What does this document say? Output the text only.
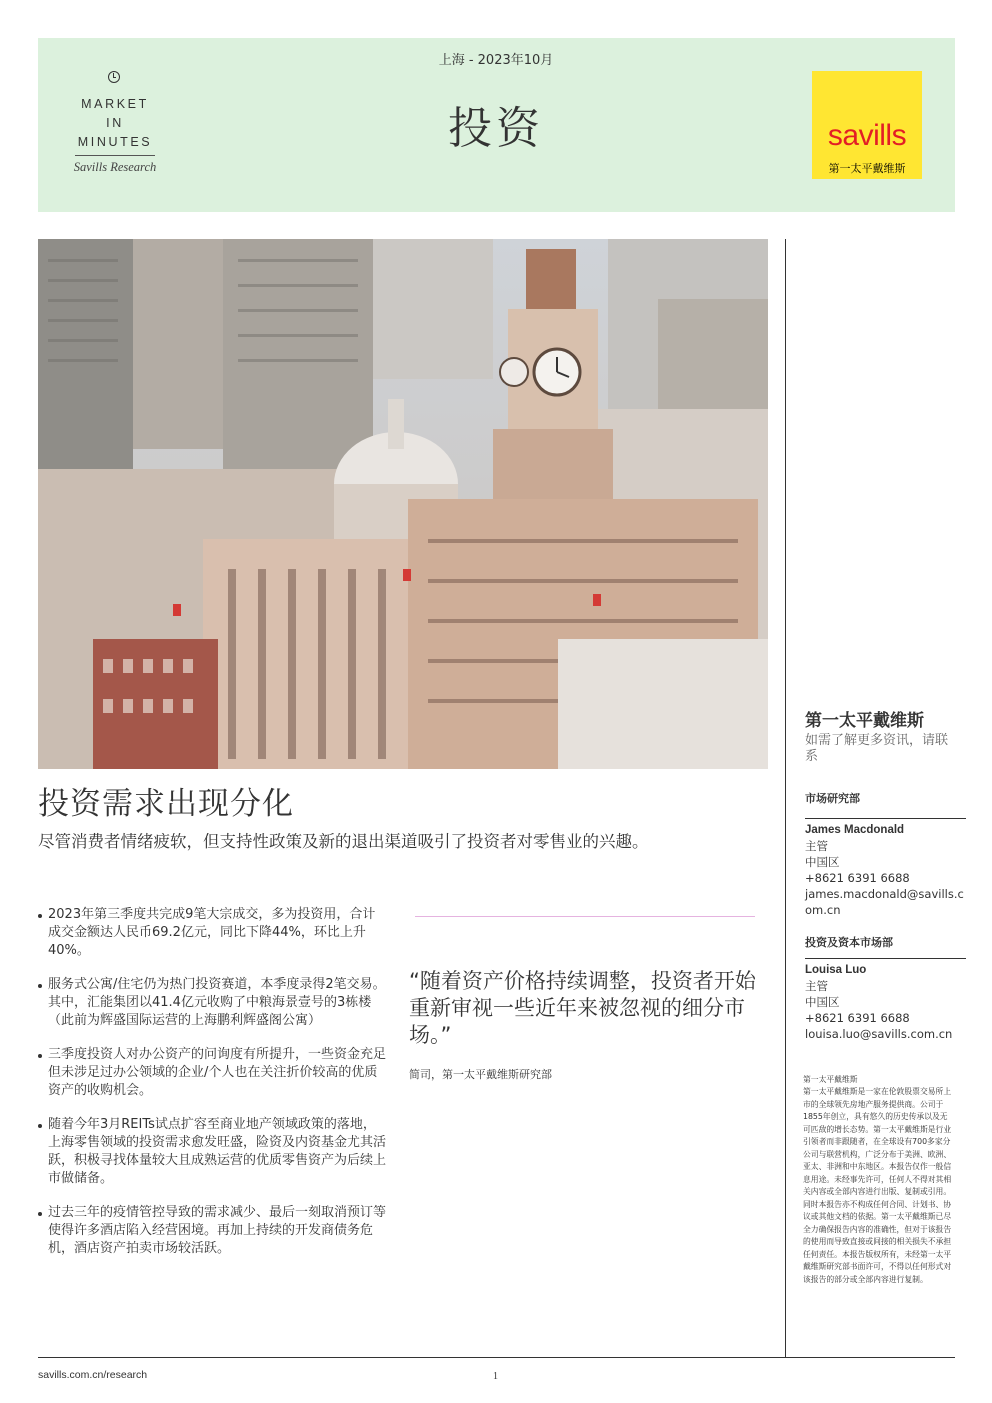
MARKET
IN
MINUTES
Savills Research
上海 - 2023年10月
投资	savills
第一太平戴维斯
投资需求出现分化
尽管消费者情绪疲软，但支持性政策及新的退出渠道吸引了投资者对零售业的兴趣。
2023年第三季度共完成9笔大宗成交，多为投资用，合计成交金额达人民币69.2亿元，同比下降44%，环比上升40%。
服务式公寓/住宅仍为热门投资赛道，本季度录得2笔交易。其中，汇能集团以41.4亿元收购了中粮海景壹号的3栋楼（此前为辉盛国际运营的上海鹏利辉盛阁公寓）
三季度投资人对办公资产的问询度有所提升，一些资金充足但未涉足过办公领域的企业/个人也在关注折价较高的优质资产的收购机会。
随着今年3月REITs试点扩容至商业地产领域政策的落地，上海零售领域的投资需求愈发旺盛，险资及内资基金尤其活跃，积极寻找体量较大且成熟运营的优质零售资产为后续上市做储备。
过去三年的疫情管控导致的需求减少、最后一刻取消预订等使得许多酒店陷入经营困境。再加上持续的开发商债务危机，酒店资产拍卖市场较活跃。
“随着资产价格持续调整，投资者开始重新审视一些近年来被忽视的细分市场。”
简司，第一太平戴维斯研究部
第一太平戴维斯
如需了解更多资讯，请联系
市场研究部
James Macdonald
主管
中国区
+8621 6391 6688
james.macdonald@savills.com.cn
投资及资本市场部
Louisa Luo
主管
中国区
+8621 6391 6688
louisa.luo@savills.com.cn
第一太平戴维斯
第一太平戴维斯是一家在伦敦股票交易所上市的全球领先房地产服务提供商。公司于1855年创立，具有悠久的历史传承以及无可匹敌的增长态势。第一太平戴维斯是行业引领者而非跟随者，在全球设有700多家分公司与联营机构，广泛分布于美洲、欧洲、亚太、非洲和中东地区。本报告仅作一般信息用途。未经事先许可，任何人不得对其相关内容或全部内容进行出版、复制或引用。同时本报告亦不构成任何合同、计划书、协议或其他文档的依据。第一太平戴维斯已尽全力确保报告内容的准确性，但对于该报告的使用而导致直接或间接的相关损失不承担任何责任。本报告版权所有，未经第一太平戴维斯研究部书面许可，不得以任何形式对该报告的部分或全部内容进行复制。
savills.com.cn/research	1
